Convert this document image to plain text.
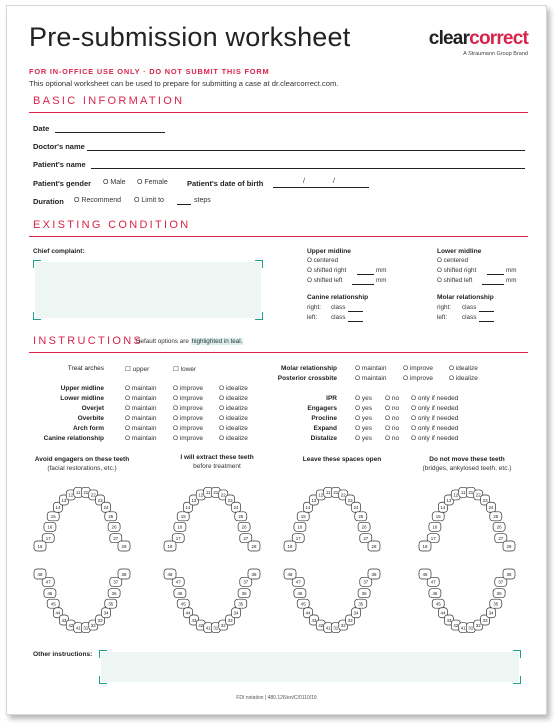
Pre-submission worksheet	clearcorrect
A Straumann Group Brand
FOR IN-OFFICE USE ONLY · DO NOT SUBMIT THIS FORM
This optional worksheet can be used to prepare for submitting a case at dr.clearcorrect.com.
BASIC INFORMATION
Date
Doctor's name
Patient's name
Patient's gender O Male O Female	Patient's date of birth	/	/
Duration O Recommend O Limit to	steps
EXISTING CONDITION
Chief complaint:	Upper midline
O centered
O shifted right	mm
O shifted left	mm
Lower midline
O centered
O shifted right	mm
O shifted left	mm
Canine relationship
right: class
left: class
Molar relationship
right: class
left: class
INSTRUCTIONS
Default options are highlighted in teal.
Treat arches	☐ upper	☐ lower
Upper midline	O maintain	O improve O idealize
Lower midline	O maintain	O improve O idealize
Overjet	O maintain	O improve O idealize
Overbite	O maintain	O improve O idealize
Arch form	O maintain	O improve O idealize
Canine relationship	O maintain	O improve O idealize
IPR	O yes O no O only if needed
Engagers	O yes O no O only if needed
Procline	O yes O no O only if needed
Expand	O yes O no O only if needed
Distalize	O yes O no O only if needed
Molar relationship	O maintain	O improve O idealize
Posterior crossbite	O maintain	O improve O idealize
Avoid engagers on these teeth
(facial restorations, etc.)
I will extract these teeth
before treatment
Leave these spaces open	Do not move these teeth
(bridges, ankylosed teeth, etc.)
17
16
15
14
13
12
11 21
22
23
24
25
26
27
47
46
45
44
43
42
41 31
32
33
34
35
36
37
18	28
48	38
17
16
15
14
13
12
11 21
22
23
24
25
26
27
47
46
45
44
43
42
41 31
32
33
34
35
36
37
18	28
48	38
17
16
15
14
13
12
11 21
22
23
24
25
26
27
47
46
45
44
43
42
41 31
32
33
34
35
36
37
18	28
48	38
17
16
15
14
13
12
11 21
22
23
24
25
26
27
47
46
45
44
43
42
41 31
32
33
34
35
36
37
18	28
48	38
Other instructions:
FDI notation | 480.126/en/C/0110/19
